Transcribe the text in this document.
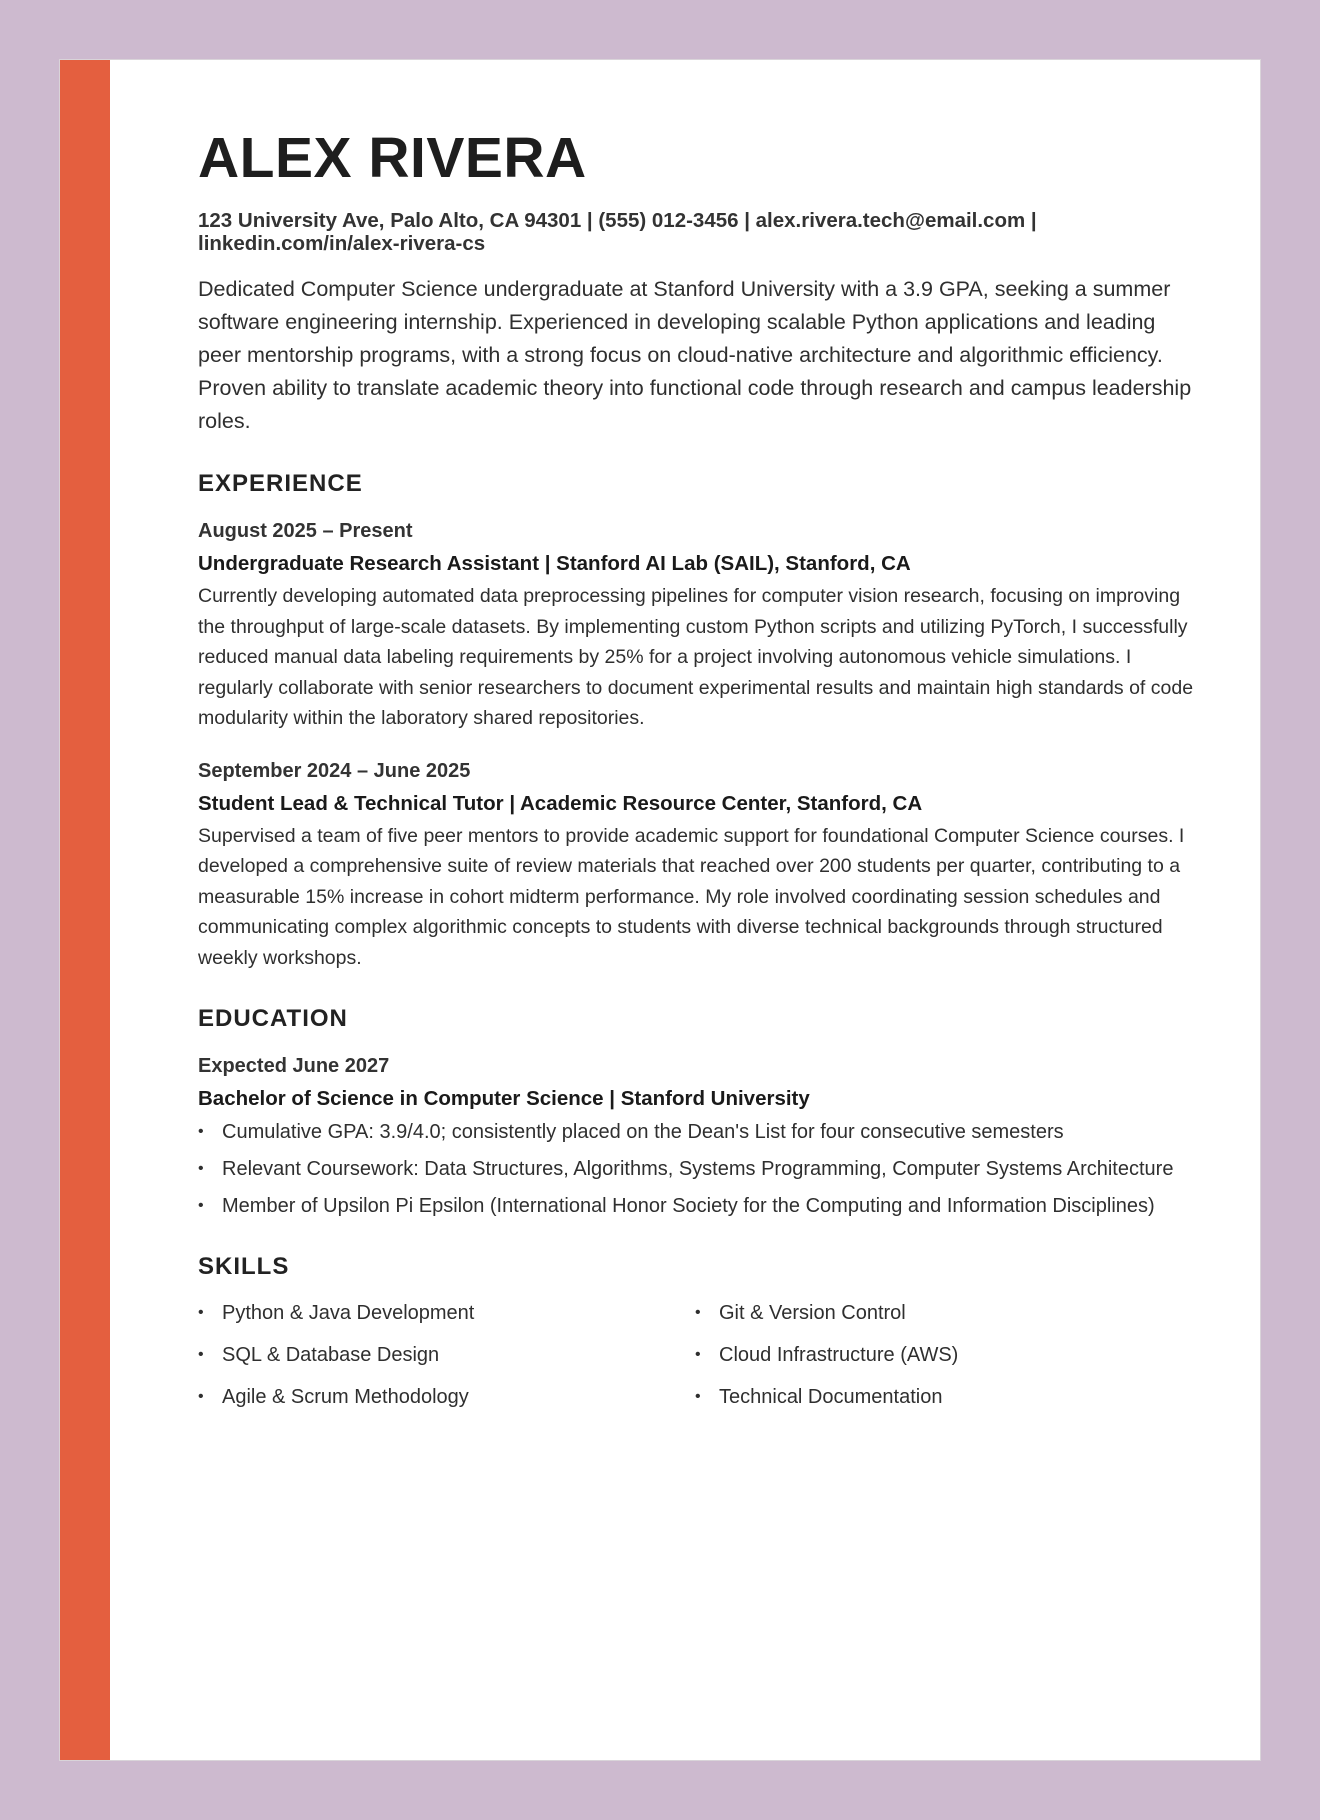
ALEX RIVERA
123 University Ave, Palo Alto, CA 94301 | (555) 012-3456 | alex.rivera.tech@email.com |
linkedin.com/in/alex-rivera-cs
Dedicated Computer Science undergraduate at Stanford University with a 3.9 GPA, seeking a summer software engineering internship. Experienced in developing scalable Python applications and leading peer mentorship programs, with a strong focus on cloud-native architecture and algorithmic efficiency. Proven ability to translate academic theory into functional code through research and campus leadership roles.
EXPERIENCE
August 2025 – Present
Undergraduate Research Assistant | Stanford AI Lab (SAIL), Stanford, CA
Currently developing automated data preprocessing pipelines for computer vision research, focusing on improving the throughput of large-scale datasets. By implementing custom Python scripts and utilizing PyTorch, I successfully reduced manual data labeling requirements by 25% for a project involving autonomous vehicle simulations. I regularly collaborate with senior researchers to document experimental results and maintain high standards of code modularity within the laboratory shared repositories.
September 2024 – June 2025
Student Lead & Technical Tutor | Academic Resource Center, Stanford, CA
Supervised a team of five peer mentors to provide academic support for foundational Computer Science courses. I developed a comprehensive suite of review materials that reached over 200 students per quarter, contributing to a measurable 15% increase in cohort midterm performance. My role involved coordinating session schedules and communicating complex algorithmic concepts to students with diverse technical backgrounds through structured weekly workshops.
EDUCATION
Expected June 2027
Bachelor of Science in Computer Science | Stanford University
• Cumulative GPA: 3.9/4.0; consistently placed on the Dean's List for four consecutive semesters
• Relevant Coursework: Data Structures, Algorithms, Systems Programming, Computer Systems Architecture
• Member of Upsilon Pi Epsilon (International Honor Society for the Computing and Information Disciplines)
SKILLS
• Python & Java Development	• Git & Version Control
• SQL & Database Design	• Cloud Infrastructure (AWS)
• Agile & Scrum Methodology	• Technical Documentation
